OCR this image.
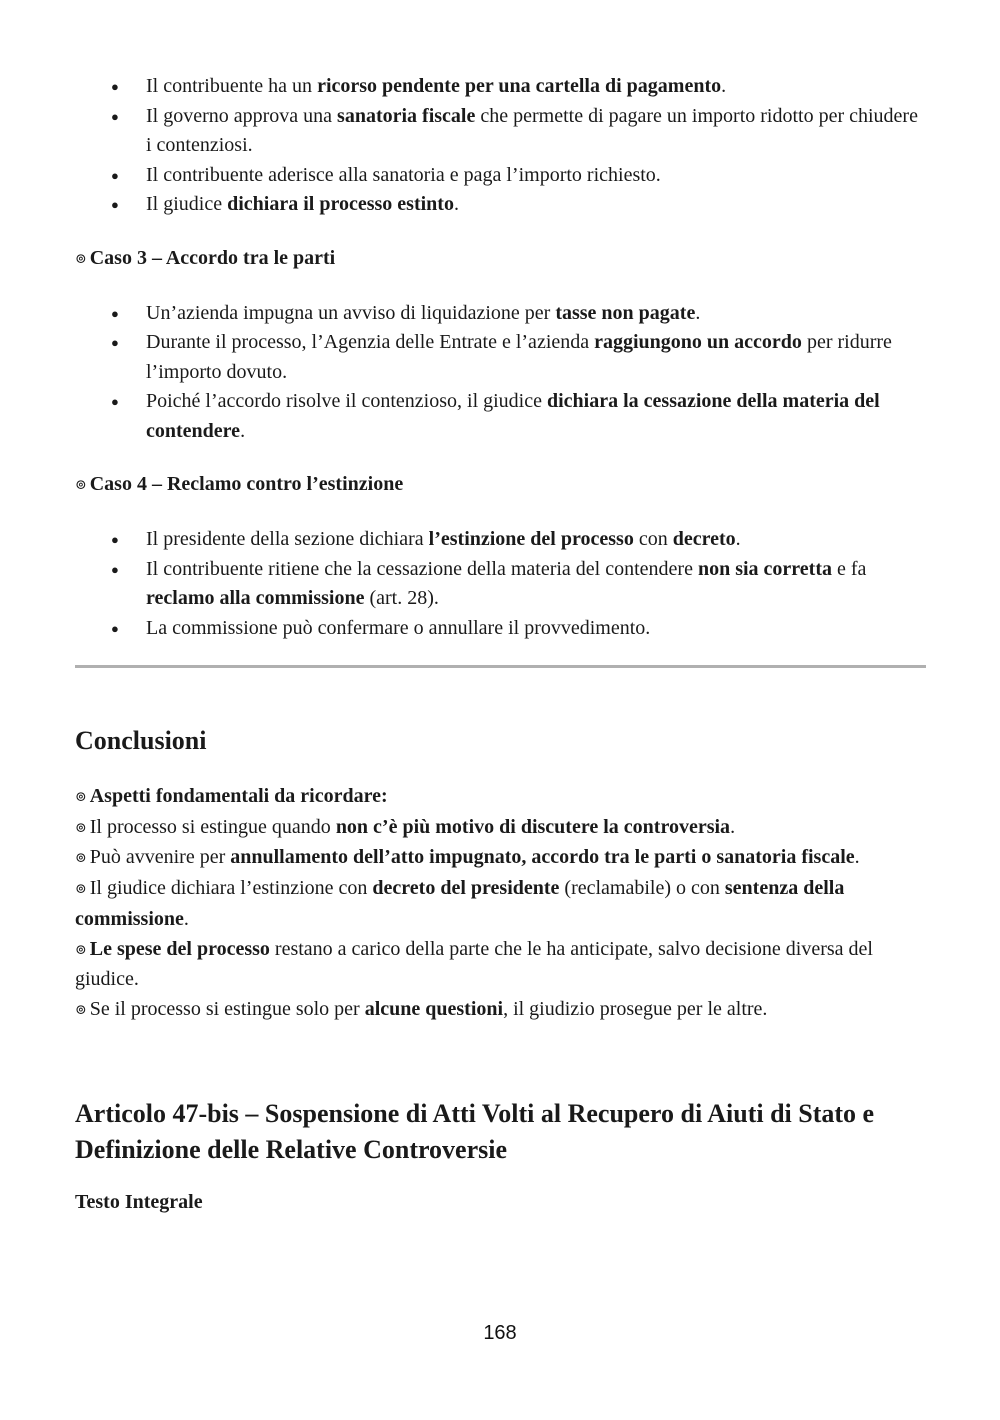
● Il contribuente ha un ricorso pendente per una cartella di pagamento.
● Il governo approva una sanatoria fiscale che permette di pagare un importo ridotto per chiudere i contenziosi.
● Il contribuente aderisce alla sanatoria e paga l’importo richiesto.
● Il giudice dichiara il processo estinto.
⊚ Caso 3 – Accordo tra le parti
● Un’azienda impugna un avviso di liquidazione per tasse non pagate.
● Durante il processo, l’Agenzia delle Entrate e l’azienda raggiungono un accordo per ridurre l’importo dovuto.
● Poiché l’accordo risolve il contenzioso, il giudice dichiara la cessazione della materia del contendere.
⊚ Caso 4 – Reclamo contro l’estinzione
● Il presidente della sezione dichiara l’estinzione del processo con decreto.
● Il contribuente ritiene che la cessazione della materia del contendere non sia corretta e fa reclamo alla commissione (art. 28).
● La commissione può confermare o annullare il provvedimento.
Conclusioni

⊚ Aspetti fondamentali da ricordare:

⊚ Il processo si estingue quando non c’è più motivo di discutere la controversia.

⊚ Può avvenire per annullamento dell’atto impugnato, accordo tra le parti o sanatoria fiscale.

⊚ Il giudice dichiara l’estinzione con decreto del presidente (reclamabile) o con sentenza della commissione.

⊚ Le spese del processo restano a carico della parte che le ha anticipate, salvo decisione diversa del giudice.

⊚ Se il processo si estingue solo per alcune questioni, il giudizio prosegue per le altre.

Articolo 47-bis – Sospensione di Atti Volti al Recupero di Aiuti di Stato e Definizione delle Relative Controversie
Testo Integrale
168
